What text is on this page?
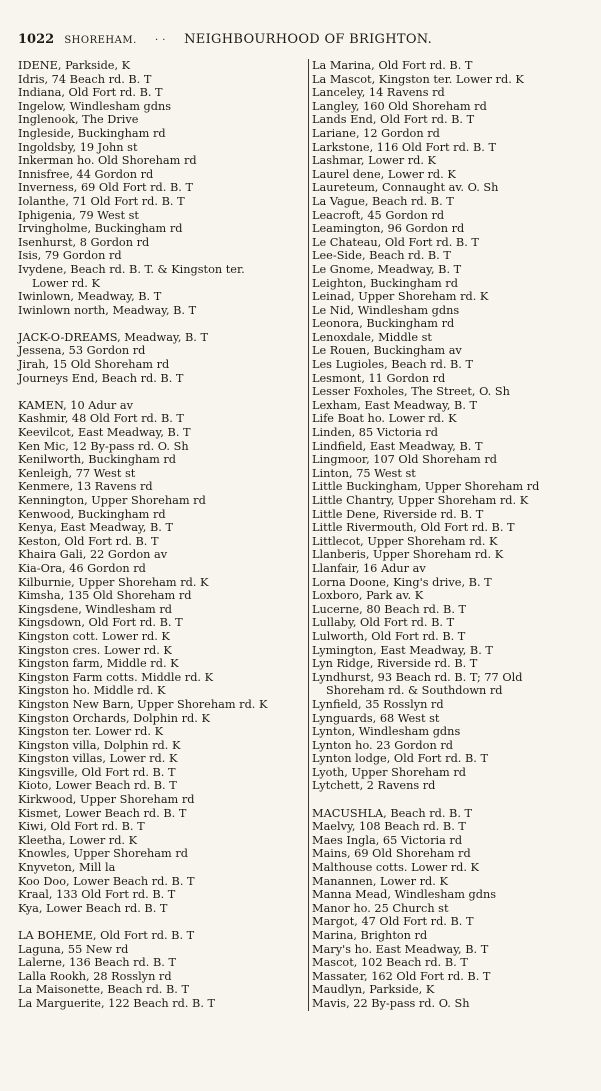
1022 SHOREHAM. · · NEIGHBOURHOOD OF BRIGHTON.
IDENE, Parkside, K
Idris, 74 Beach rd. B. T
Indiana, Old Fort rd. B. T
Ingelow, Windlesham gdns
Inglenook, The Drive
Ingleside, Buckingham rd
Ingoldsby, 19 John st
Inkerman ho. Old Shoreham rd
Innisfree, 44 Gordon rd
Inverness, 69 Old Fort rd. B. T
Iolanthe, 71 Old Fort rd. B. T
Iphigenia, 79 West st
Irvingholme, Buckingham rd
Isenhurst, 8 Gordon rd
Isis, 79 Gordon rd
Ivydene, Beach rd. B. T. & Kingston ter.
Lower rd. K
Iwinlown, Meadway, B. T
Iwinlown north, Meadway, B. T
JACK-O-DREAMS, Meadway, B. T
Jessena, 53 Gordon rd
Jirah, 15 Old Shoreham rd
Journeys End, Beach rd. B. T
KAMEN, 10 Adur av
Kashmir, 48 Old Fort rd. B. T
Keevilcot, East Meadway, B. T
Ken Mic, 12 By-pass rd. O. Sh
Kenilworth, Buckingham rd
Kenleigh, 77 West st
Kenmere, 13 Ravens rd
Kennington, Upper Shoreham rd
Kenwood, Buckingham rd
Kenya, East Meadway, B. T
Keston, Old Fort rd. B. T
Khaira Gali, 22 Gordon av
Kia-Ora, 46 Gordon rd
Kilburnie, Upper Shoreham rd. K
Kimsha, 135 Old Shoreham rd
Kingsdene, Windlesham rd
Kingsdown, Old Fort rd. B. T
Kingston cott. Lower rd. K
Kingston cres. Lower rd. K
Kingston farm, Middle rd. K
Kingston Farm cotts. Middle rd. K
Kingston ho. Middle rd. K
Kingston New Barn, Upper Shoreham rd. K
Kingston Orchards, Dolphin rd. K
Kingston ter. Lower rd. K
Kingston villa, Dolphin rd. K
Kingston villas, Lower rd. K
Kingsville, Old Fort rd. B. T
Kioto, Lower Beach rd. B. T
Kirkwood, Upper Shoreham rd
Kismet, Lower Beach rd. B. T
Kiwi, Old Fort rd. B. T
Kleetha, Lower rd. K
Knowles, Upper Shoreham rd
Knyveton, Mill la
Koo Doo, Lower Beach rd. B. T
Kraal, 133 Old Fort rd. B. T
Kya, Lower Beach rd. B. T
LA BOHEME, Old Fort rd. B. T
Laguna, 55 New rd
Lalerne, 136 Beach rd. B. T
Lalla Rookh, 28 Rosslyn rd
La Maisonette, Beach rd. B. T
La Marguerite, 122 Beach rd. B. T
La Marina, Old Fort rd. B. T
La Mascot, Kingston ter. Lower rd. K
Lanceley, 14 Ravens rd
Langley, 160 Old Shoreham rd
Lands End, Old Fort rd. B. T
Lariane, 12 Gordon rd
Larkstone, 116 Old Fort rd. B. T
Lashmar, Lower rd. K
Laurel dene, Lower rd. K
Laureteum, Connaught av. O. Sh
La Vague, Beach rd. B. T
Leacroft, 45 Gordon rd
Leamington, 96 Gordon rd
Le Chateau, Old Fort rd. B. T
Lee-Side, Beach rd. B. T
Le Gnome, Meadway, B. T
Leighton, Buckingham rd
Leinad, Upper Shoreham rd. K
Le Nid, Windlesham gdns
Leonora, Buckingham rd
Lenoxdale, Middle st
Le Rouen, Buckingham av
Les Lugioles, Beach rd. B. T
Lesmont, 11 Gordon rd
Lesser Foxholes, The Street, O. Sh
Lexham, East Meadway, B. T
Life Boat ho. Lower rd. K
Linden, 85 Victoria rd
Lindfield, East Meadway, B. T
Lingmoor, 107 Old Shoreham rd
Linton, 75 West st
Little Buckingham, Upper Shoreham rd
Little Chantry, Upper Shoreham rd. K
Little Dene, Riverside rd. B. T
Little Rivermouth, Old Fort rd. B. T
Littlecot, Upper Shoreham rd. K
Llanberis, Upper Shoreham rd. K
Llanfair, 16 Adur av
Lorna Doone, King's drive, B. T
Loxboro, Park av. K
Lucerne, 80 Beach rd. B. T
Lullaby, Old Fort rd. B. T
Lulworth, Old Fort rd. B. T
Lymington, East Meadway, B. T
Lyn Ridge, Riverside rd. B. T
Lyndhurst, 93 Beach rd. B. T; 77 Old
Shoreham rd. & Southdown rd
Lynfield, 35 Rosslyn rd
Lynguards, 68 West st
Lynton, Windlesham gdns
Lynton ho. 23 Gordon rd
Lynton lodge, Old Fort rd. B. T
Lyoth, Upper Shoreham rd
Lytchett, 2 Ravens rd
MACUSHLA, Beach rd. B. T
Maelvy, 108 Beach rd. B. T
Maes Ingla, 65 Victoria rd
Mains, 69 Old Shoreham rd
Malthouse cotts. Lower rd. K
Manannen, Lower rd. K
Manna Mead, Windlesham gdns
Manor ho. 25 Church st
Margot, 47 Old Fort rd. B. T
Marina, Brighton rd
Mary's ho. East Meadway, B. T
Mascot, 102 Beach rd. B. T
Massater, 162 Old Fort rd. B. T
Maudlyn, Parkside, K
Mavis, 22 By-pass rd. O. Sh
